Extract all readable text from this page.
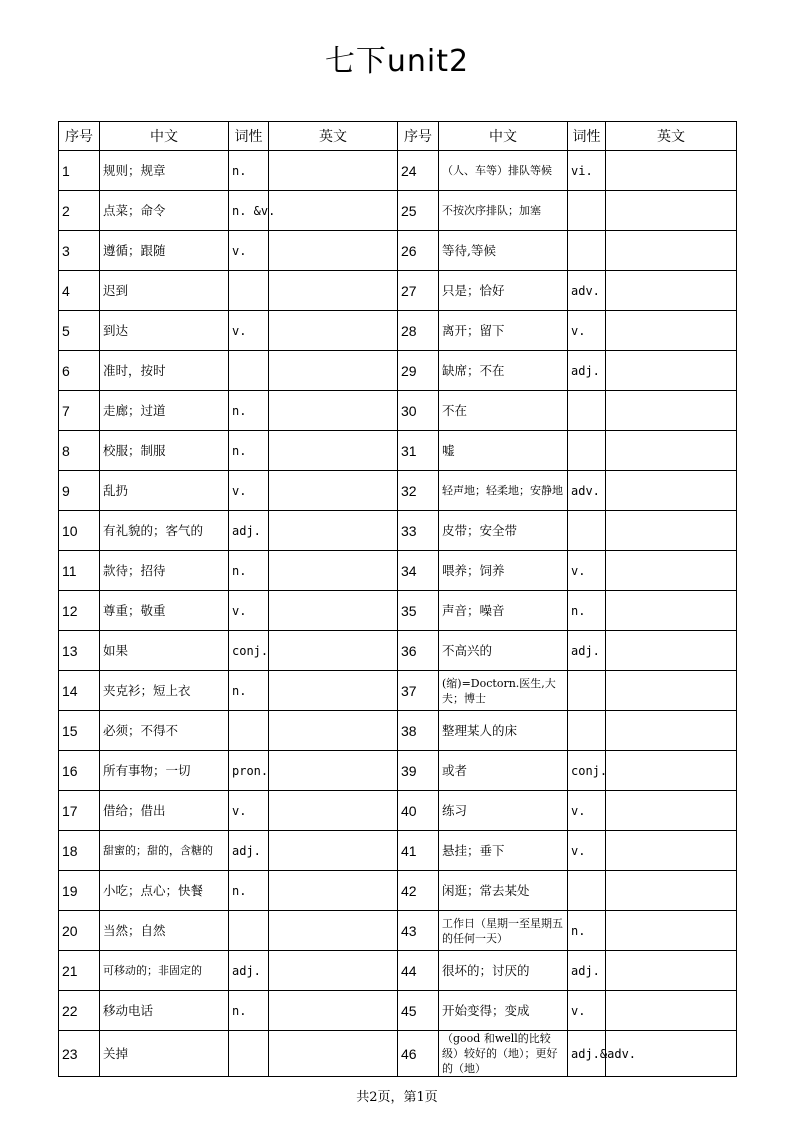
七下unit2
序号	中文	词性	英文	序号	中文	词性	英文
1	规则；规章	n.		24	（人、车等）排队等候	vi.	
2	点菜；命令	n. &v.		25	不按次序排队；加塞		
3	遵循；跟随	v.		26	等待,等候		
4	迟到			27	只是；恰好	adv.	
5	到达	v.		28	离开；留下	v.	
6	准时，按时			29	缺席；不在	adj.	
7	走廊；过道	n.		30	不在		
8	校服；制服	n.		31	嘘		
9	乱扔	v.		32	轻声地；轻柔地；安静地	adv.	
10	有礼貌的；客气的	adj.		33	皮带；安全带		
11	款待；招待	n.		34	喂养；饲养	v.	
12	尊重；敬重	v.		35	声音；噪音	n.	
13	如果	conj.		36	不高兴的	adj.	
14	夹克衫；短上衣	n.		37	(缩)=Doctorn.医生,大夫；博士		
15	必须；不得不			38	整理某人的床		
16	所有事物；一切	pron.		39	或者	conj.	
17	借给；借出	v.		40	练习	v.	
18	甜蜜的；甜的，含糖的	adj.		41	悬挂；垂下	v.	
19	小吃；点心；快餐	n.		42	闲逛；常去某处		
20	当然；自然			43	工作日（星期一至星期五的任何一天）	n.	
21	可移动的；非固定的	adj.		44	很坏的；讨厌的	adj.	
22	移动电话	n.		45	开始变得；变成	v.	
23	关掉			46	（good 和well的比较级）较好的（地）；更好的（地）	adj.&adv.	
共2页，第1页
